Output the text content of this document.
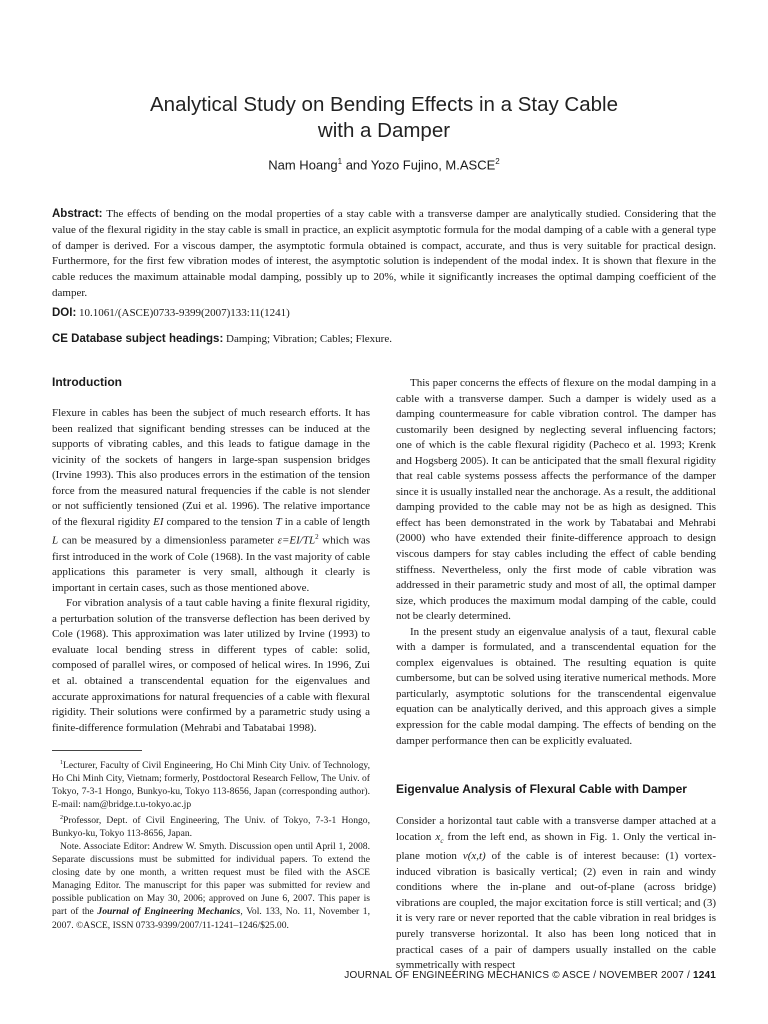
Analytical Study on Bending Effects in a Stay Cable
with a Damper
Nam Hoang$^1$ and Yozo Fujino, M.ASCE$^2$
Abstract: The effects of bending on the modal properties of a stay cable with a transverse damper are analytically studied. Considering that the value of the flexural rigidity in the stay cable is small in practice, an explicit asymptotic formula for the modal damping of a cable with a general type of damper is derived. For a viscous damper, the asymptotic formula obtained is compact, accurate, and thus is very suitable for practical design. Furthermore, for the first few vibration modes of interest, the asymptotic solution is independent of the modal index. It is shown that flexure in the cable reduces the maximum attainable modal damping, possibly up to 20%, while it significantly increases the optimal damping coefficient of the damper.
DOI: 10.1061/(ASCE)0733-9399(2007)133:11(1241)
CE Database subject headings: Damping; Vibration; Cables; Flexure.
Introduction

Flexure in cables has been the subject of much research efforts. It has been realized that significant bending stresses can be induced at the supports of vibrating cables, and this leads to fatigue damage in the vicinity of the sockets of hangers in large-span suspension bridges (Irvine 1993). This also produces errors in the estimation of the tension force from the measured natural frequencies if the cable is not slender or not sufficiently tensioned (Zui et al. 1996). The relative importance of the flexural rigidity EI compared to the tension T in a cable of length L can be measured by a dimensionless parameter $\varepsilon=EI/TL^2$ which was first introduced in the work of Cole (1968). In the vast majority of cable applications this parameter is very small, although it clearly is important in certain cases, such as those mentioned above.

For vibration analysis of a taut cable having a finite flexural rigidity, a perturbation solution of the transverse deflection has been derived by Cole (1968). This approximation was later utilized by Irvine (1993) to evaluate local bending stress in different types of cable: solid, composed of parallel wires, or composed of helical wires. In 1996, Zui et al. obtained a transcendental equation for the eigenvalues and accurate approximations for natural frequencies of a cable with flexural rigidity. Their solutions were confirmed by a parametric study using a finite-difference formulation (Mehrabi and Tabatabai 1998).

$^1$Lecturer, Faculty of Civil Engineering, Ho Chi Minh City Univ. of Technology, Ho Chi Minh City, Vietnam; formerly, Postdoctoral Research Fellow, The Univ. of Tokyo, 7-3-1 Hongo, Bunkyo-ku, Tokyo 113-8656, Japan (corresponding author). E-mail: nam@bridge.t.u-tokyo.ac.jp

$^2$Professor, Dept. of Civil Engineering, The Univ. of Tokyo, 7-3-1 Hongo, Bunkyo-ku, Tokyo 113-8656, Japan.

Note. Associate Editor: Andrew W. Smyth. Discussion open until April 1, 2008. Separate discussions must be submitted for individual papers. To extend the closing date by one month, a written request must be filed with the ASCE Managing Editor. The manuscript for this paper was submitted for review and possible publication on May 30, 2006; approved on June 6, 2007. This paper is part of the Journal of Engineering Mechanics, Vol. 133, No. 11, November 1, 2007. ©ASCE, ISSN 0733-9399/2007/11-1241–1246/$25.00.

This paper concerns the effects of flexure on the modal damping in a cable with a transverse damper. Such a damper is widely used as a damping countermeasure for cable vibration control. The damper has customarily been designed by neglecting several influencing factors; one of which is the cable flexural rigidity (Pacheco et al. 1993; Krenk and Hogsberg 2005). It can be anticipated that the small flexural rigidity that real cable systems possess affects the performance of the damper since it is usually installed near the anchorage. As a result, the additional damping provided to the cable may not be as high as designed. This effect has been demonstrated in the work by Tabatabai and Mehrabi (2000) who have extended their finite-difference approach to design viscous dampers for stay cables including the effect of cable bending stiffness. Nevertheless, only the first mode of cable vibration was addressed in their parametric study and most of all, the optimal damper size, which produces the maximum modal damping of the cable, could not be clearly determined.

In the present study an eigenvalue analysis of a taut, flexural cable with a damper is formulated, and a transcendental equation for the complex eigenvalues is obtained. The resulting equation is quite cumbersome, but can be solved using iterative numerical methods. More particularly, asymptotic solutions for the transcendental eigenvalue equation can be analytically derived, and this approach gives a simple expression for the cable modal damping. The effects of bending on the damper performance then can be explicitly evaluated.

Eigenvalue Analysis of Flexural Cable with Damper

Consider a horizontal taut cable with a transverse damper attached at a location $x_c$ from the left end, as shown in Fig. 1. Only the vertical in-plane motion v(x,t) of the cable is of interest because: (1) vortex-induced vibration is basically vertical; (2) even in rain and windy conditions where the in-plane and out-of-plane (across bridge) vibrations are coupled, the major excitation force is still vertical; and (3) it is very rare or never reported that the cable vibration in real bridges is purely transverse horizontal. It also has been long noticed that in practical cases of a pair of dampers usually installed on the cable symmetrically with respect

JOURNAL OF ENGINEERING MECHANICS © ASCE / NOVEMBER 2007 / 1241
